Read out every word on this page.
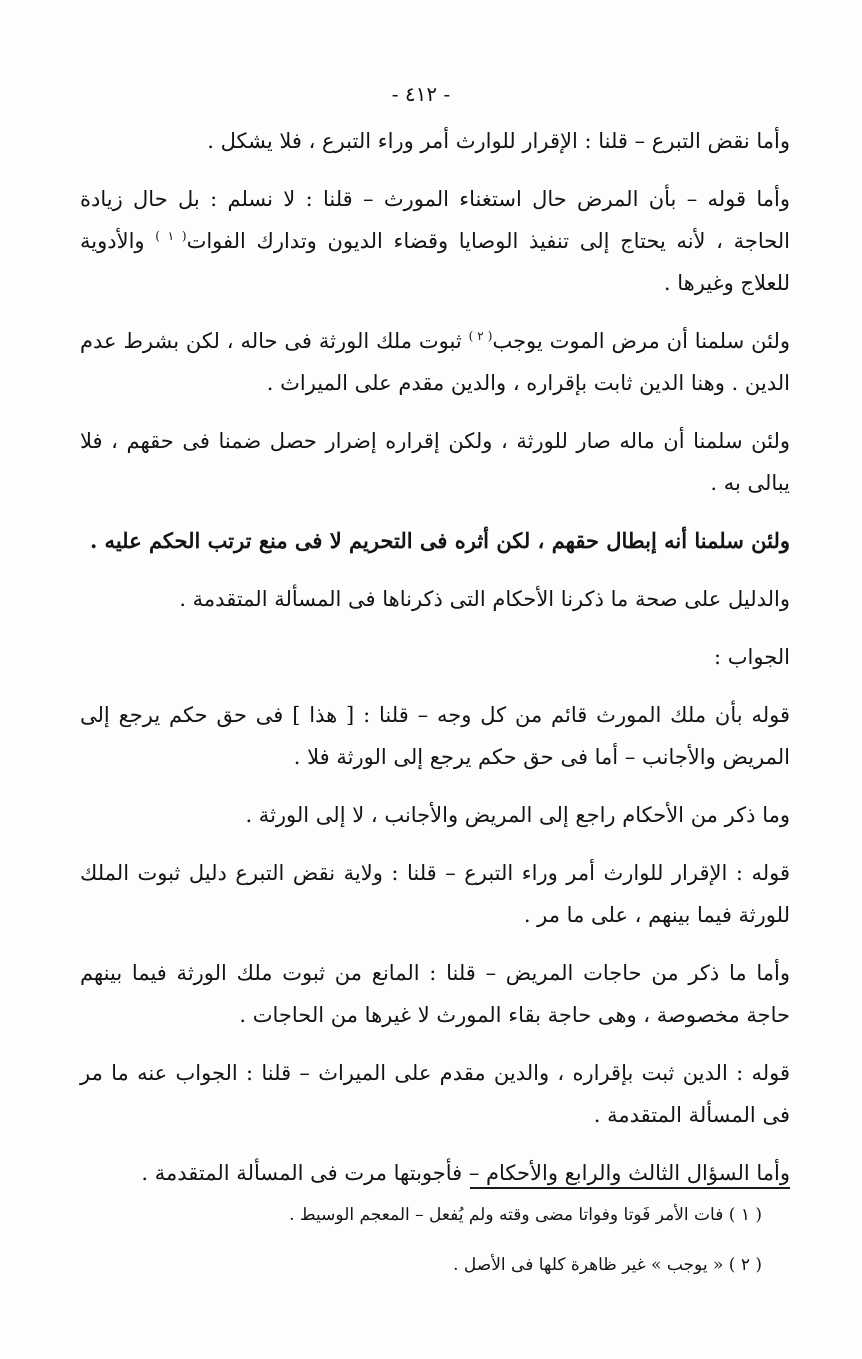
- ٤١٢ -

وأما نقض التبرع – قلنا : الإقرار للوارث أمر وراء التبرع ، فلا يشكل .

وأما قوله – بأن المرض حال استغناء المورث – قلنا : لا نسلم : بل حال زيادة الحاجة ، لأنه يحتاج إلى تنفيذ الوصايا وقضاء الديون وتدارك الفوات$^{( ١ )}$ والأدوية للعلاج وغيرها .

ولئن سلمنا أن مرض الموت يوجب$^{( ٢ )}$ ثبوت ملك الورثة فى حاله ، لكن بشرط عدم الدين . وهنا الدين ثابت بإقراره ، والدين مقدم على الميراث .

ولئن سلمنا أن ماله صار للورثة ، ولكن إقراره إضرار حصل ضمنا فى حقهم ، فلا يبالى به .

ولئن سلمنا أنه إبطال حقهم ، لكن أثره فى التحريم لا فى منع ترتب الحكم عليه .

والدليل على صحة ما ذكرنا الأحكام التى ذكرناها فى المسألة المتقدمة .

الجواب :

قوله بأن ملك المورث قائم من كل وجه – قلنا : [ هذا ] فى حق حكم يرجع إلى المريض والأجانب – أما فى حق حكم يرجع إلى الورثة فلا .

وما ذكر من الأحكام راجع إلى المريض والأجانب ، لا إلى الورثة .

قوله : الإقرار للوارث أمر وراء التبرع – قلنا : ولاية نقض التبرع دليل ثبوت الملك للورثة فيما بينهم ، على ما مر .

وأما ما ذكر من حاجات المريض – قلنا : المانع من ثبوت ملك الورثة فيما بينهم حاجة مخصوصة ، وهى حاجة بقاء المورث لا غيرها من الحاجات .

قوله : الدين ثبت بإقراره ، والدين مقدم على الميراث – قلنا : الجواب عنه ما مر فى المسألة المتقدمة .

وأما السؤال الثالث والرابع والأحكام – فأجوبتها مرت فى المسألة المتقدمة .

( ١ ) فات الأمر فَوتا وفواتا مضى وقته ولم يُفعل – المعجم الوسيط .

( ٢ ) « يوجب » غير ظاهرة كلها فى الأصل .
